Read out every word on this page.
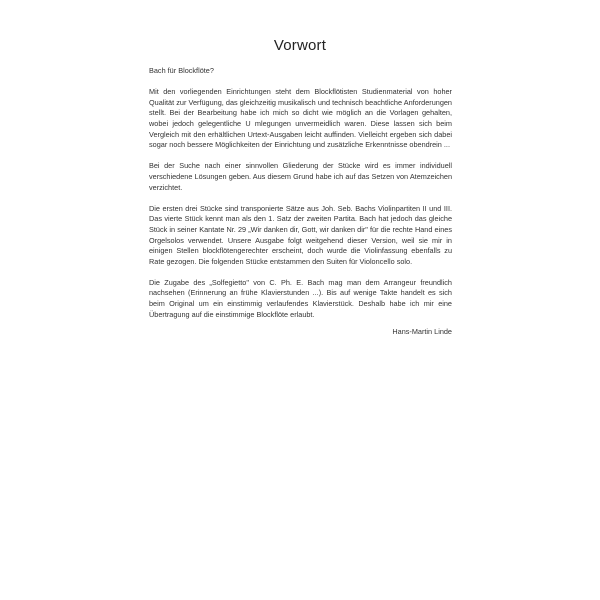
Vorwort

Bach für Blockflöte?

Mit den vorliegenden Einrichtungen steht dem Blockflötisten Studienmaterial von hoher Qualität zur Verfügung, das gleichzeitig musikalisch und technisch beachtliche Anforderungen stellt. Bei der Bearbeitung habe ich mich so dicht wie möglich an die Vorlagen gehalten, wobei jedoch gelegentliche U mlegungen unvermeidlich waren. Diese lassen sich beim Vergleich mit den erhältlichen Urtext-Ausgaben leicht auffinden. Vielleicht ergeben sich dabei sogar noch bessere Möglichkeiten der Einrichtung und zusätzliche Erkenntnisse obendrein ...

Bei der Suche nach einer sinnvollen Gliederung der Stücke wird es immer individuell verschiedene Lösungen geben. Aus diesem Grund habe ich auf das Setzen von Atemzeichen verzichtet.

Die ersten drei Stücke sind transponierte Sätze aus Joh. Seb. Bachs Violinpartiten II und III. Das vierte Stück kennt man als den 1. Satz der zweiten Partita. Bach hat jedoch das gleiche Stück in seiner Kantate Nr. 29 „Wir danken dir, Gott, wir danken dir" für die rechte Hand eines Orgelsolos verwendet. Unsere Ausgabe folgt weitgehend dieser Version, weil sie mir in einigen Stellen blockflötengerechter erscheint, doch wurde die Violinfassung ebenfalls zu Rate gezogen. Die folgenden Stücke entstammen den Suiten für Violoncello solo.

Die Zugabe des „Solfegietto" von C. Ph. E. Bach mag man dem Arrangeur freundlich nachsehen (Erinnerung an frühe Klavierstunden ...). Bis auf wenige Takte handelt es sich beim Original um ein einstimmig verlaufendes Klavierstück. Deshalb habe ich mir eine Übertragung auf die einstimmige Blockflöte erlaubt.

Hans-Martin Linde
